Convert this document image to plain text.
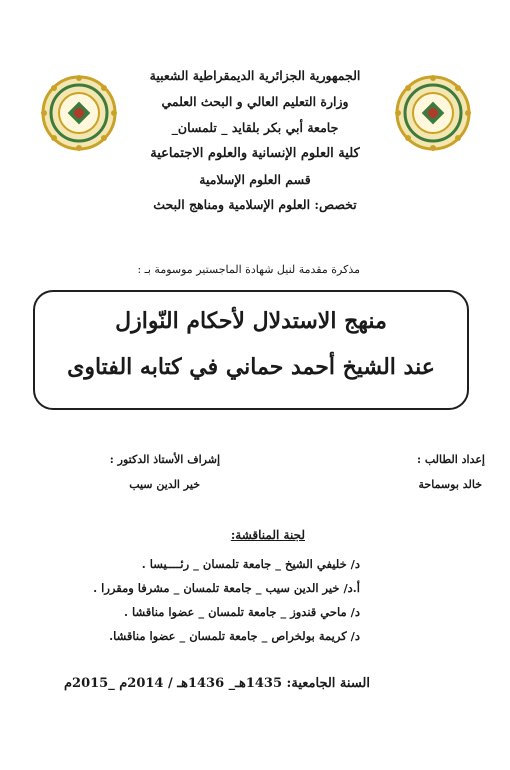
الجمهورية الجزائرية الديمقراطية الشعبية
وزارة التعليم العالي و البحث العلمي
جامعة أبي بكر بلقايد _ تلمسان_
كلية العلوم الإنسانية والعلوم الاجتماعية
قسم العلوم الإسلامية
تخصص: العلوم الإسلامية ومناهج البحث
مذكرة مقدمة لنيل شهادة الماجستير موسومة بـ :
منهج الاستدلال لأحكام النّوازل
عند الشيخ أحمد حماني في كتابه الفتاوى
إعداد الطالب :
خالد بوسماحة
إشراف الأستاذ الدكتور :
خير الدين سيب
لجنة المناقشة:
د/ خليفي الشيخ _ جامعة تلمسان _ رئــــيسا .
أ.د/ خير الدين سيب _ جامعة تلمسان _ مشرفا ومقررا .
د/ ماحي قندوز _ جامعة تلمسان _ عضوا مناقشا .
د/ كريمة بولخراص _ جامعة تلمسان _ عضوا مناقشا.
السنة الجامعية: 1435هـ_ 1436هـ / 2014م _2015م
